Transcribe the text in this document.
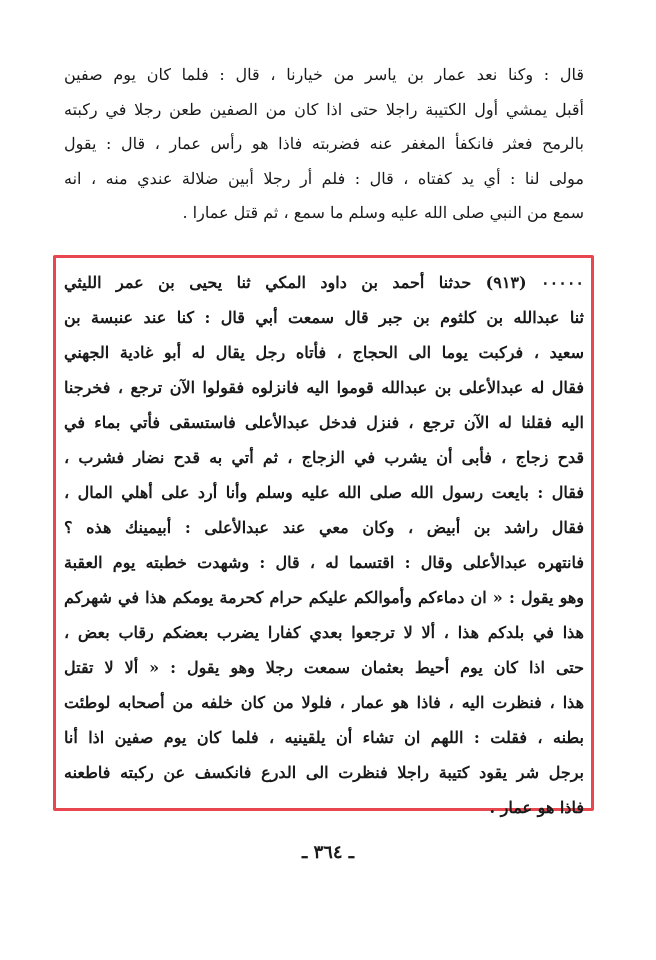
قال : وكنا نعد عمار بن ياسر من خيارنا ، قال : فلما كان يوم صفين
أقبل يمشي أول الكتيبة راجلا حتى اذا كان من الصفين طعن رجلا في ركبته
بالرمح فعثر فانكفأ المغفر عنه فضربته فاذا هو رأس عمار ، قال : يقول
مولى لنا : أي يد كفتاه ، قال : فلم أر رجلا أبين ضلالة عندي منه ، انه
سمع من النبي صلى الله عليه وسلم ما سمع ، ثم قتل عمارا .
٠٠٠٠٠ (٩١٣) حدثنا أحمد بن داود المكي ثنا يحيى بن عمر الليثي
ثنا عبدالله بن كلثوم بن جبر قال سمعت أبي قال : كنا عند عنبسة بن
سعيد ، فركبت يوما الى الحجاج ، فأتاه رجل يقال له أبو غادية الجهني
فقال له عبدالأعلى بن عبدالله قوموا اليه فانزلوه فقولوا الآن ترجع ، فخرجنا
اليه فقلنا له الآن ترجع ، فنزل فدخل عبدالأعلى فاستسقى فأتي بماء في
قدح زجاج ، فأبى أن يشرب في الزجاج ، ثم أتي به قدح نضار فشرب ،
فقال : بايعت رسول الله صلى الله عليه وسلم وأنا أرد على أهلي المال ،
فقال راشد بن أبيض ، وكان معي عند عبدالأعلى : أبيمينك هذه ؟
فانتهره عبدالأعلى وقال : اقتسما له ، قال : وشهدت خطبته يوم العقبة
وهو يقول : « ان دماءكم وأموالكم عليكم حرام كحرمة يومكم هذا في شهركم
هذا في بلدكم هذا ، ألا لا ترجعوا بعدي كفارا يضرب بعضكم رقاب بعض ،
حتى اذا كان يوم أحيط بعثمان سمعت رجلا وهو يقول : « ألا لا تقتل
هذا ، فنظرت اليه ، فاذا هو عمار ، فلولا من كان خلفه من أصحابه لوطئت
بطنه ، فقلت : اللهم ان تشاء أن يلقينيه ، فلما كان يوم صفين اذا أنا
برجل شر يقود كتيبة راجلا فنظرت الى الدرع فانكسف عن ركبته فاطعنه
فاذا هو عمار .
ـ ٣٦٤ ـ
